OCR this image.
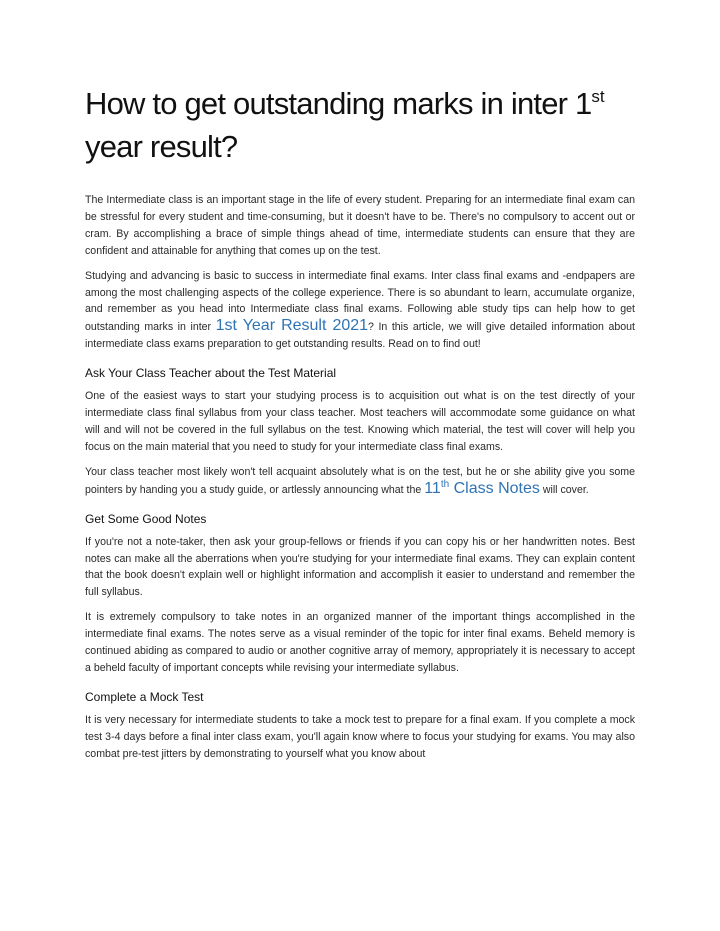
How to get outstanding marks in inter 1st
year result?

The Intermediate class is an important stage in the life of every student. Preparing for an intermediate final exam can be stressful for every student and time-consuming, but it doesn't have to be. There's no compulsory to accent out or cram. By accomplishing a brace of simple things ahead of time, intermediate students can ensure that they are confident and attainable for anything that comes up on the test.

Studying and advancing is basic to success in intermediate final exams. Inter class final exams and -endpapers are among the most challenging aspects of the college experience. There is so abundant to learn, accumulate organize, and remember as you head into Intermediate class final exams. Following able study tips can help how to get outstanding marks in inter 1st Year Result 2021? In this article, we will give detailed information about intermediate class exams preparation to get outstanding results. Read on to find out!

Ask Your Class Teacher about the Test Material

One of the easiest ways to start your studying process is to acquisition out what is on the test directly of your intermediate class final syllabus from your class teacher. Most teachers will accommodate some guidance on what will and will not be covered in the full syllabus on the test. Knowing which material, the test will cover will help you focus on the main material that you need to study for your intermediate class final exams.

Your class teacher most likely won't tell acquaint absolutely what is on the test, but he or she ability give you some pointers by handing you a study guide, or artlessly announcing what the 11th Class Notes will cover.

Get Some Good Notes

If you're not a note-taker, then ask your group-fellows or friends if you can copy his or her handwritten notes. Best notes can make all the aberrations when you're studying for your intermediate final exams. They can explain content that the book doesn't explain well or highlight information and accomplish it easier to understand and remember the full syllabus.

It is extremely compulsory to take notes in an organized manner of the important things accomplished in the intermediate final exams. The notes serve as a visual reminder of the topic for inter final exams. Beheld memory is continued abiding as compared to audio or another cognitive array of memory, appropriately it is necessary to accept a beheld faculty of important concepts while revising your intermediate syllabus.

Complete a Mock Test

It is very necessary for intermediate students to take a mock test to prepare for a final exam. If you complete a mock test 3-4 days before a final inter class exam, you'll again know where to focus your studying for exams. You may also combat pre-test jitters by demonstrating to yourself what you know about
